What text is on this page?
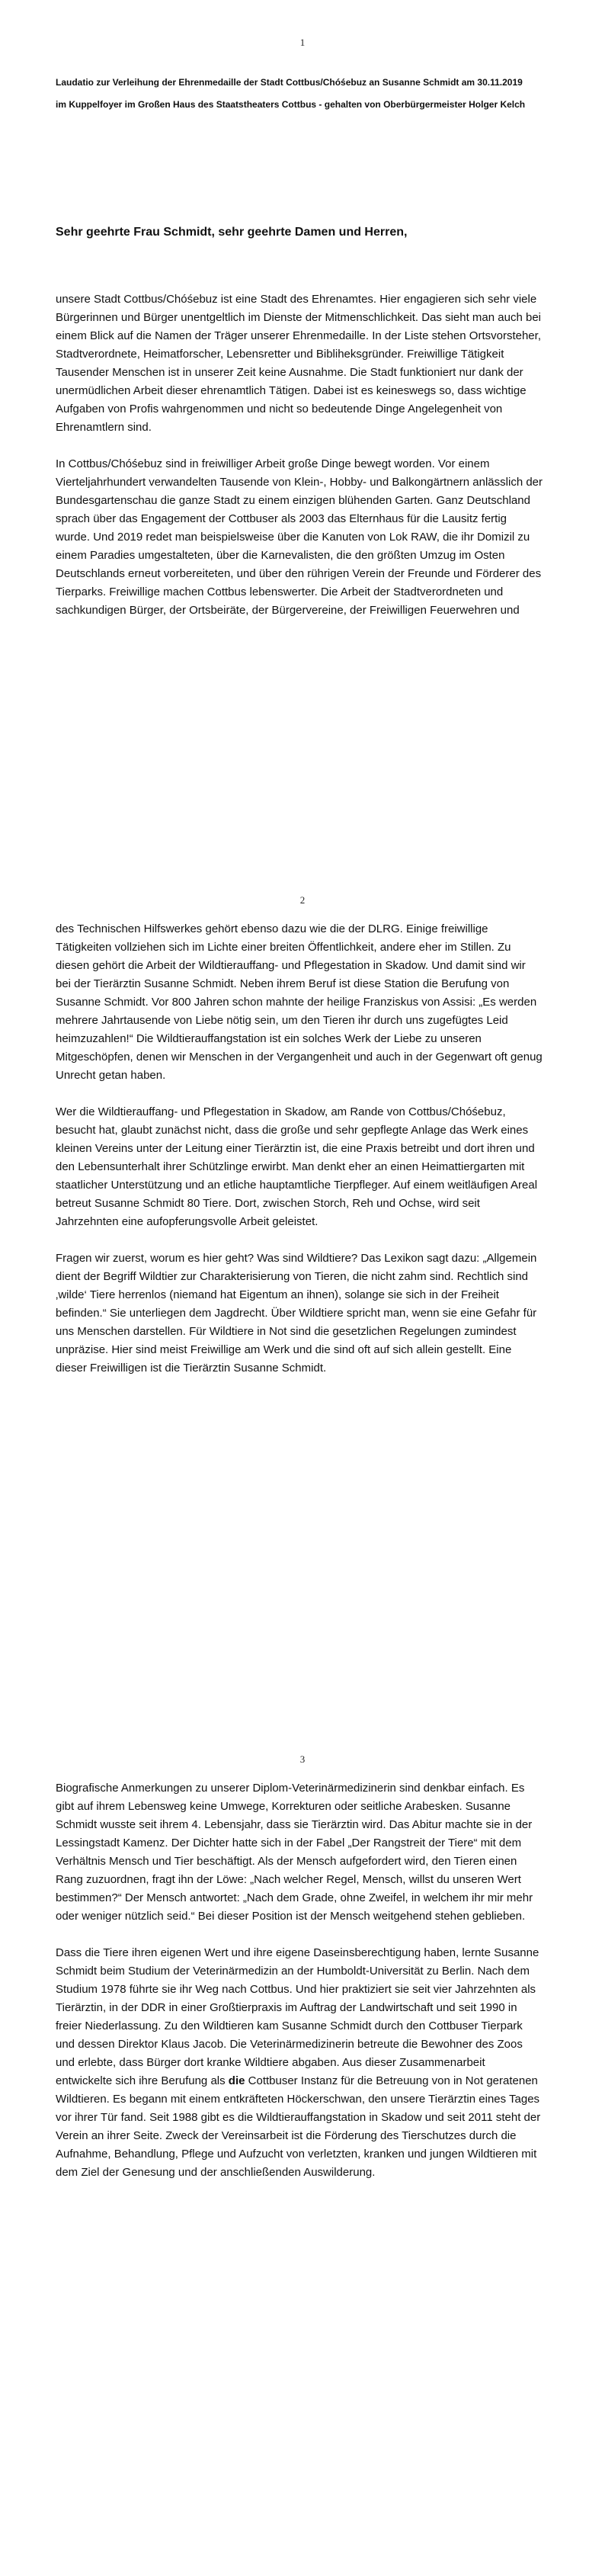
1
Laudatio zur Verleihung der Ehrenmedaille der Stadt Cottbus/Chóśebuz an Susanne Schmidt am 30.11.2019 im Kuppelfoyer im Großen Haus des Staatstheaters Cottbus - gehalten von Oberbürgermeister Holger Kelch
Sehr geehrte Frau Schmidt, sehr geehrte Damen und Herren,

unsere Stadt Cottbus/Chóśebuz ist eine Stadt des Ehrenamtes. Hier engagieren sich sehr viele Bürgerinnen und Bürger unentgeltlich im Dienste der Mitmenschlichkeit. Das sieht man auch bei einem Blick auf die Namen der Träger unserer Ehrenmedaille. In der Liste stehen Ortsvorsteher, Stadtverordnete, Heimatforscher, Lebensretter und Bibliheksgründer. Freiwillige Tätigkeit Tausender Menschen ist in unserer Zeit keine Ausnahme. Die Stadt funktioniert nur dank der unermüdlichen Arbeit dieser ehrenamtlich Tätigen. Dabei ist es keineswegs so, dass wichtige Aufgaben von Profis wahrgenommen und nicht so bedeutende Dinge Angelegenheit von Ehrenamtlern sind.

In Cottbus/Chóśebuz sind in freiwilliger Arbeit große Dinge bewegt worden. Vor einem Vierteljahrhundert verwandelten Tausende von Klein-, Hobby- und Balkongärtnern anlässlich der Bundesgartenschau die ganze Stadt zu einem einzigen blühenden Garten. Ganz Deutschland sprach über das Engagement der Cottbuser als 2003 das Elternhaus für die Lausitz fertig wurde. Und 2019 redet man beispielsweise über die Kanuten von Lok RAW, die ihr Domizil zu einem Paradies umgestalteten, über die Karnevalisten, die den größten Umzug im Osten Deutschlands erneut vorbereiteten, und über den rührigen Verein der Freunde und Förderer des Tierparks. Freiwillige machen Cottbus lebenswerter. Die Arbeit der Stadtverordneten und sachkundigen Bürger, der Ortsbeiräte, der Bürgervereine, der Freiwilligen Feuerwehren und

2

des Technischen Hilfswerkes gehört ebenso dazu wie die der DLRG. Einige freiwillige Tätigkeiten vollziehen sich im Lichte einer breiten Öffentlichkeit, andere eher im Stillen. Zu diesen gehört die Arbeit der Wildtierauffang- und Pflegestation in Skadow. Und damit sind wir bei der Tierärztin Susanne Schmidt. Neben ihrem Beruf ist diese Station die Berufung von Susanne Schmidt. Vor 800 Jahren schon mahnte der heilige Franziskus von Assisi: „Es werden mehrere Jahrtausende von Liebe nötig sein, um den Tieren ihr durch uns zugefügtes Leid heimzuzahlen!“ Die Wildtierauffangstation ist ein solches Werk der Liebe zu unseren Mitgeschöpfen, denen wir Menschen in der Vergangenheit und auch in der Gegenwart oft genug Unrecht getan haben.

Wer die Wildtierauffang- und Pflegestation in Skadow, am Rande von Cottbus/Chóśebuz, besucht hat, glaubt zunächst nicht, dass die große und sehr gepflegte Anlage das Werk eines kleinen Vereins unter der Leitung einer Tierärztin ist, die eine Praxis betreibt und dort ihren und den Lebensunterhalt ihrer Schützlinge erwirbt. Man denkt eher an einen Heimattiergarten mit staatlicher Unterstützung und an etliche hauptamtliche Tierpfleger. Auf einem weitläufigen Areal betreut Susanne Schmidt 80 Tiere. Dort, zwischen Storch, Reh und Ochse, wird seit Jahrzehnten eine aufopferungsvolle Arbeit geleistet.

Fragen wir zuerst, worum es hier geht? Was sind Wildtiere? Das Lexikon sagt dazu: „Allgemein dient der Begriff Wildtier zur Charakterisierung von Tieren, die nicht zahm sind. Rechtlich sind ‚wilde‘ Tiere herrenlos (niemand hat Eigentum an ihnen), solange sie sich in der Freiheit befinden.“ Sie unterliegen dem Jagdrecht. Über Wildtiere spricht man, wenn sie eine Gefahr für uns Menschen darstellen. Für Wildtiere in Not sind die gesetzlichen Regelungen zumindest unpräzise. Hier sind meist Freiwillige am Werk und die sind oft auf sich allein gestellt. Eine dieser Freiwilligen ist die Tierärztin Susanne Schmidt.

3

Biografische Anmerkungen zu unserer Diplom-Veterinärmedizinerin sind denkbar einfach. Es gibt auf ihrem Lebensweg keine Umwege, Korrekturen oder seitliche Arabesken. Susanne Schmidt wusste seit ihrem 4. Lebensjahr, dass sie Tierärztin wird. Das Abitur machte sie in der Lessingstadt Kamenz. Der Dichter hatte sich in der Fabel „Der Rangstreit der Tiere“ mit dem Verhältnis Mensch und Tier beschäftigt. Als der Mensch aufgefordert wird, den Tieren einen Rang zuzuordnen, fragt ihn der Löwe: „Nach welcher Regel, Mensch, willst du unseren Wert bestimmen?“ Der Mensch antwortet: „Nach dem Grade, ohne Zweifel, in welchem ihr mir mehr oder weniger nützlich seid.“ Bei dieser Position ist der Mensch weitgehend stehen geblieben.

Dass die Tiere ihren eigenen Wert und ihre eigene Daseinsberechtigung haben, lernte Susanne Schmidt beim Studium der Veterinärmedizin an der Humboldt-Universität zu Berlin. Nach dem Studium 1978 führte sie ihr Weg nach Cottbus. Und hier praktiziert sie seit vier Jahrzehnten als Tierärztin, in der DDR in einer Großtierpraxis im Auftrag der Landwirtschaft und seit 1990 in freier Niederlassung. Zu den Wildtieren kam Susanne Schmidt durch den Cottbuser Tierpark und dessen Direktor Klaus Jacob. Die Veterinärmedizinerin betreute die Bewohner des Zoos und erlebte, dass Bürger dort kranke Wildtiere abgaben. Aus dieser Zusammenarbeit entwickelte sich ihre Berufung als die Cottbuser Instanz für die Betreuung von in Not geratenen Wildtieren. Es begann mit einem entkräfteten Höckerschwan, den unsere Tierärztin eines Tages vor ihrer Tür fand. Seit 1988 gibt es die Wildtierauffangstation in Skadow und seit 2011 steht der Verein an ihrer Seite. Zweck der Vereinsarbeit ist die Förderung des Tierschutzes durch die Aufnahme, Behandlung, Pflege und Aufzucht von verletzten, kranken und jungen Wildtieren mit dem Ziel der Genesung und der anschließenden Auswilderung.
